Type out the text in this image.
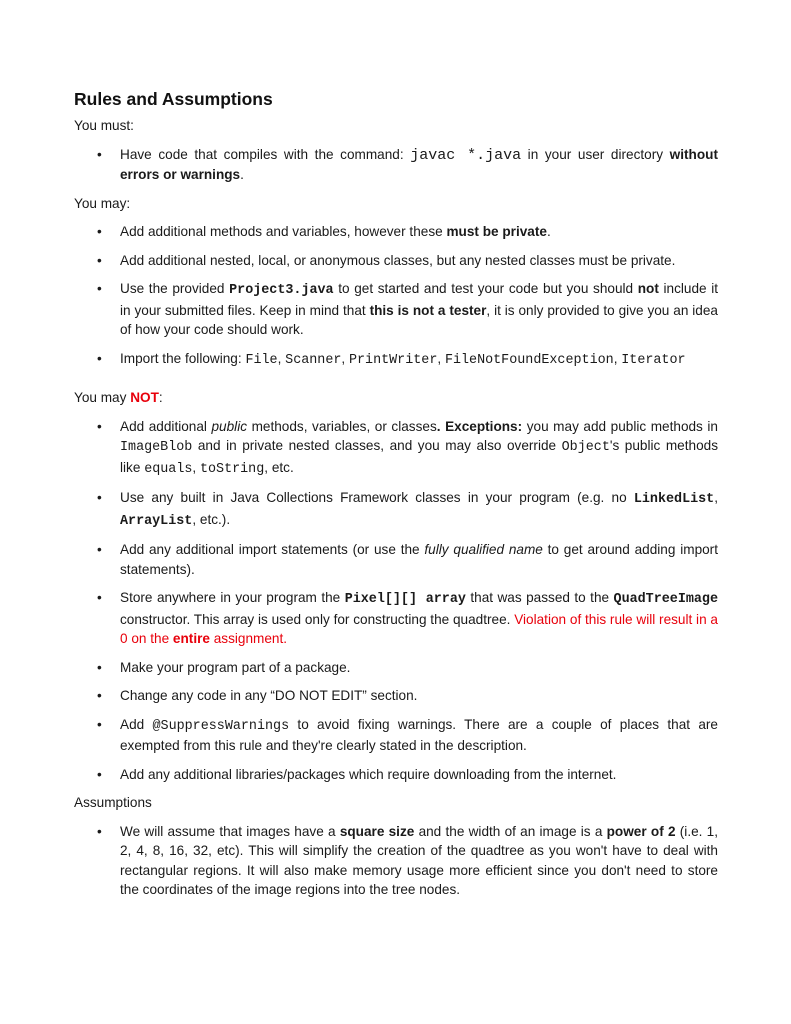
Rules and Assumptions
You must:
• Have code that compiles with the command: javac *.java in your user directory without errors or warnings.
You may:
• Add additional methods and variables, however these must be private.
• Add additional nested, local, or anonymous classes, but any nested classes must be private.
• Use the provided Project3.java to get started and test your code but you should not include it in your submitted files. Keep in mind that this is not a tester, it is only provided to give you an idea of how your code should work.
• Import the following: File, Scanner, PrintWriter, FileNotFoundException, Iterator
You may NOT:
• Add additional public methods, variables, or classes. Exceptions: you may add public methods in ImageBlob and in private nested classes, and you may also override Object's public methods like equals, toString, etc.
• Use any built in Java Collections Framework classes in your program (e.g. no LinkedList, ArrayList, etc.).
• Add any additional import statements (or use the fully qualified name to get around adding import statements).
• Store anywhere in your program the Pixel[][] array that was passed to the QuadTreeImage constructor. This array is used only for constructing the quadtree. Violation of this rule will result in a 0 on the entire assignment.
• Make your program part of a package.
• Change any code in any “DO NOT EDIT” section.
• Add @SuppressWarnings to avoid fixing warnings. There are a couple of places that are exempted from this rule and they're clearly stated in the description.
• Add any additional libraries/packages which require downloading from the internet.
Assumptions
• We will assume that images have a square size and the width of an image is a power of 2 (i.e. 1, 2, 4, 8, 16, 32, etc). This will simplify the creation of the quadtree as you won't have to deal with rectangular regions. It will also make memory usage more efficient since you don't need to store the coordinates of the image regions into the tree nodes.
